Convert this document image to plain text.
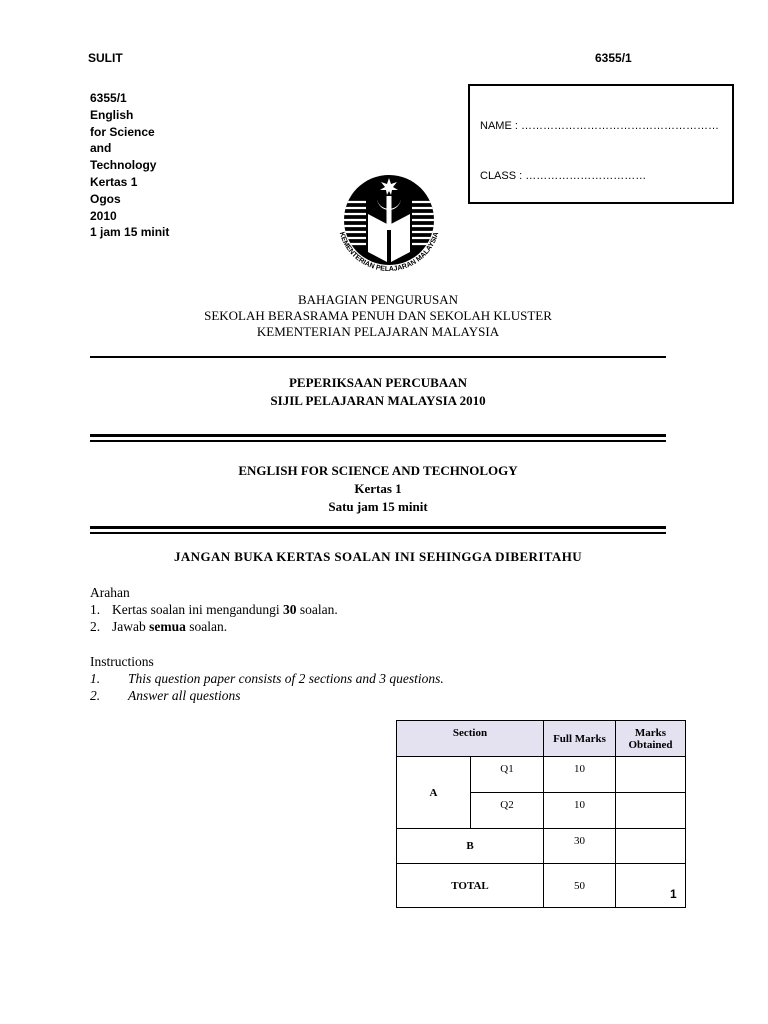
SULIT	6355/1
6355/1
English
for Science
and
Technology
Kertas 1
Ogos
2010
1 jam 15 minit
NAME : ………………………………………………
CLASS : ……………………………
KEMENTERIAN PELAJARAN MALAYSIA
BAHAGIAN PENGURUSAN
SEKOLAH BERASRAMA PENUH DAN SEKOLAH KLUSTER
KEMENTERIAN PELAJARAN MALAYSIA
PEPERIKSAAN PERCUBAAN
SIJIL PELAJARAN MALAYSIA 2010
ENGLISH FOR SCIENCE AND TECHNOLOGY
Kertas 1
Satu jam 15 minit
JANGAN BUKA KERTAS SOALAN INI SEHINGGA DIBERITAHU
Arahan
1. Kertas soalan ini mengandungi 30 soalan.
2. Jawab semua soalan.
Instructions
1. This question paper consists of 2 sections and 3 questions.
2. Answer all questions
Section		Full Marks	Marks Obtained
A	Q1	10	
	Q2	10	
B		30	
TOTAL		50	
1
